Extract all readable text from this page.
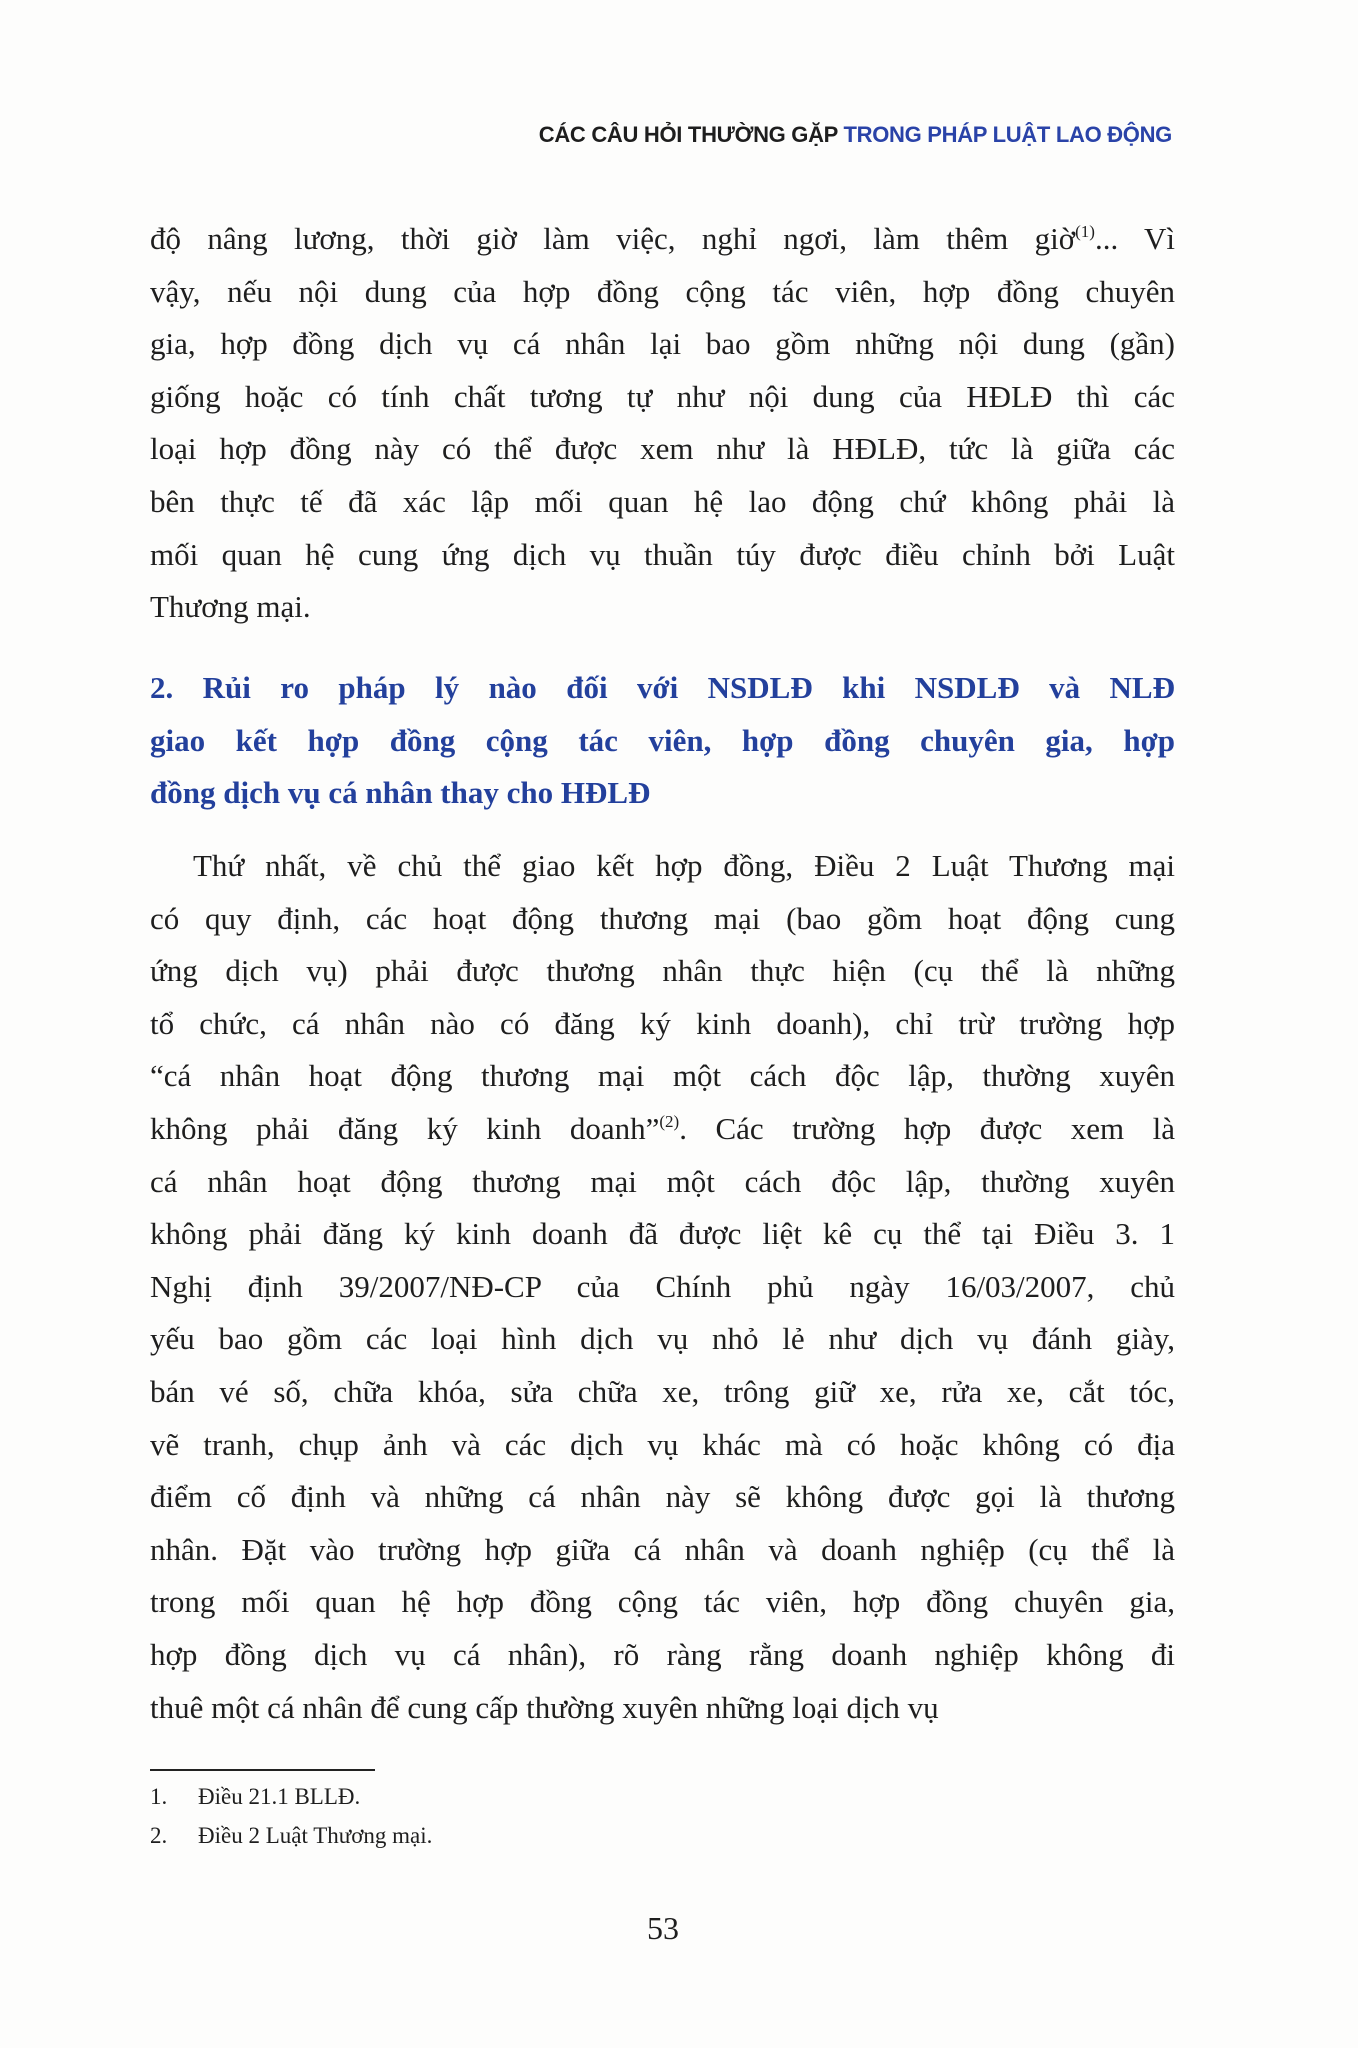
CÁC CÂU HỎI THƯỜNG GẶP TRONG PHÁP LUẬT LAO ĐỘNG
độ nâng lương, thời giờ làm việc, nghỉ ngơi, làm thêm giờ$^{(1)}$... Vì
vậy, nếu nội dung của hợp đồng cộng tác viên, hợp đồng chuyên
gia, hợp đồng dịch vụ cá nhân lại bao gồm những nội dung (gần)
giống hoặc có tính chất tương tự như nội dung của HĐLĐ thì các
loại hợp đồng này có thể được xem như là HĐLĐ, tức là giữa các
bên thực tế đã xác lập mối quan hệ lao động chứ không phải là
mối quan hệ cung ứng dịch vụ thuần túy được điều chỉnh bởi Luật
Thương mại.
2. Rủi ro pháp lý nào đối với NSDLĐ khi NSDLĐ và NLĐ
giao kết hợp đồng cộng tác viên, hợp đồng chuyên gia, hợp
đồng dịch vụ cá nhân thay cho HĐLĐ
Thứ nhất, về chủ thể giao kết hợp đồng, Điều 2 Luật Thương mại
có quy định, các hoạt động thương mại (bao gồm hoạt động cung
ứng dịch vụ) phải được thương nhân thực hiện (cụ thể là những
tổ chức, cá nhân nào có đăng ký kinh doanh), chỉ trừ trường hợp
“cá nhân hoạt động thương mại một cách độc lập, thường xuyên
không phải đăng ký kinh doanh”$^{(2)}$. Các trường hợp được xem là
cá nhân hoạt động thương mại một cách độc lập, thường xuyên
không phải đăng ký kinh doanh đã được liệt kê cụ thể tại Điều 3. 1
Nghị định 39/2007/NĐ-CP của Chính phủ ngày 16/03/2007, chủ
yếu bao gồm các loại hình dịch vụ nhỏ lẻ như dịch vụ đánh giày,
bán vé số, chữa khóa, sửa chữa xe, trông giữ xe, rửa xe, cắt tóc,
vẽ tranh, chụp ảnh và các dịch vụ khác mà có hoặc không có địa
điểm cố định và những cá nhân này sẽ không được gọi là thương
nhân. Đặt vào trường hợp giữa cá nhân và doanh nghiệp (cụ thể là
trong mối quan hệ hợp đồng cộng tác viên, hợp đồng chuyên gia,
hợp đồng dịch vụ cá nhân), rõ ràng rằng doanh nghiệp không đi
thuê một cá nhân để cung cấp thường xuyên những loại dịch vụ
1. Điều 21.1 BLLĐ.
2. Điều 2 Luật Thương mại.
53
